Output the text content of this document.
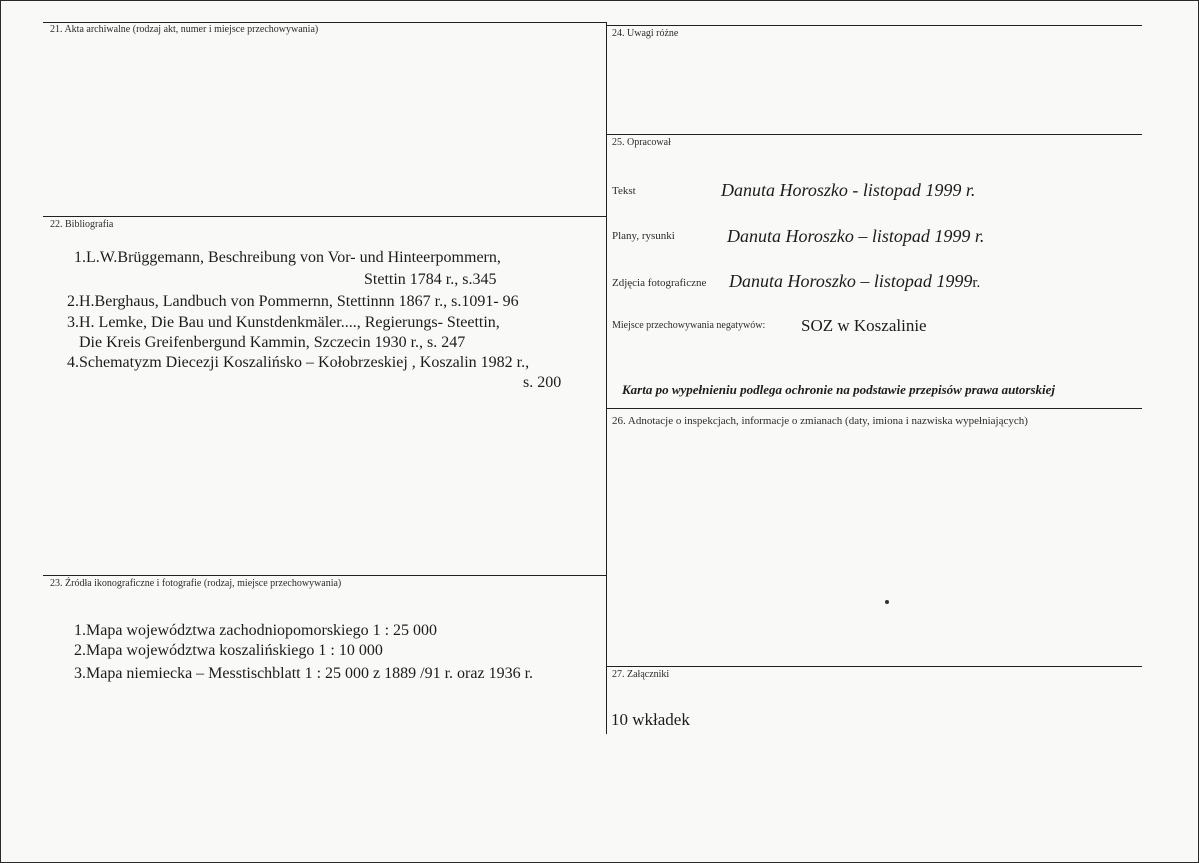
21. Akta archiwalne (rodzaj akt, numer i miejsce przechowywania)
22. Bibliografia
1.L.W.Brüggemann, Beschreibung von Vor- und Hinteerpommern,
Stettin 1784 r., s.345
2.H.Berghaus, Landbuch von Pommernn, Stettinnn 1867 r., s.1091- 96
3.H. Lemke, Die Bau und Kunstdenkmäler...., Regierungs- Steettin,
Die Kreis Greifenbergund Kammin, Szczecin 1930 r., s. 247
4.Schematyzm Diecezji Koszalińsko – Kołobrzeskiej , Koszalin 1982 r.,
s. 200
23. Źródła ikonograficzne i fotografie (rodzaj, miejsce przechowywania)
1.Mapa województwa zachodniopomorskiego 1 : 25 000
2.Mapa województwa koszalińskiego 1 : 10 000
3.Mapa niemiecka – Messtischblatt 1 : 25 000 z 1889 /91 r. oraz 1936 r.
24. Uwagi różne
25. Opracował
Tekst	Danuta Horoszko - listopad 1999 r.
Plany, rysunki	Danuta Horoszko – listopad 1999 r.
Zdjęcia fotograficzne Danuta Horoszko – listopad 1999r.
Miejsce przechowywania negatywów: SOZ w Koszalinie
Karta po wypełnieniu podlega ochronie na podstawie przepisów prawa autorskiej
26. Adnotacje o inspekcjach, informacje o zmianach (daty, imiona i nazwiska wypełniających)
27. Załączniki
10 wkładek
